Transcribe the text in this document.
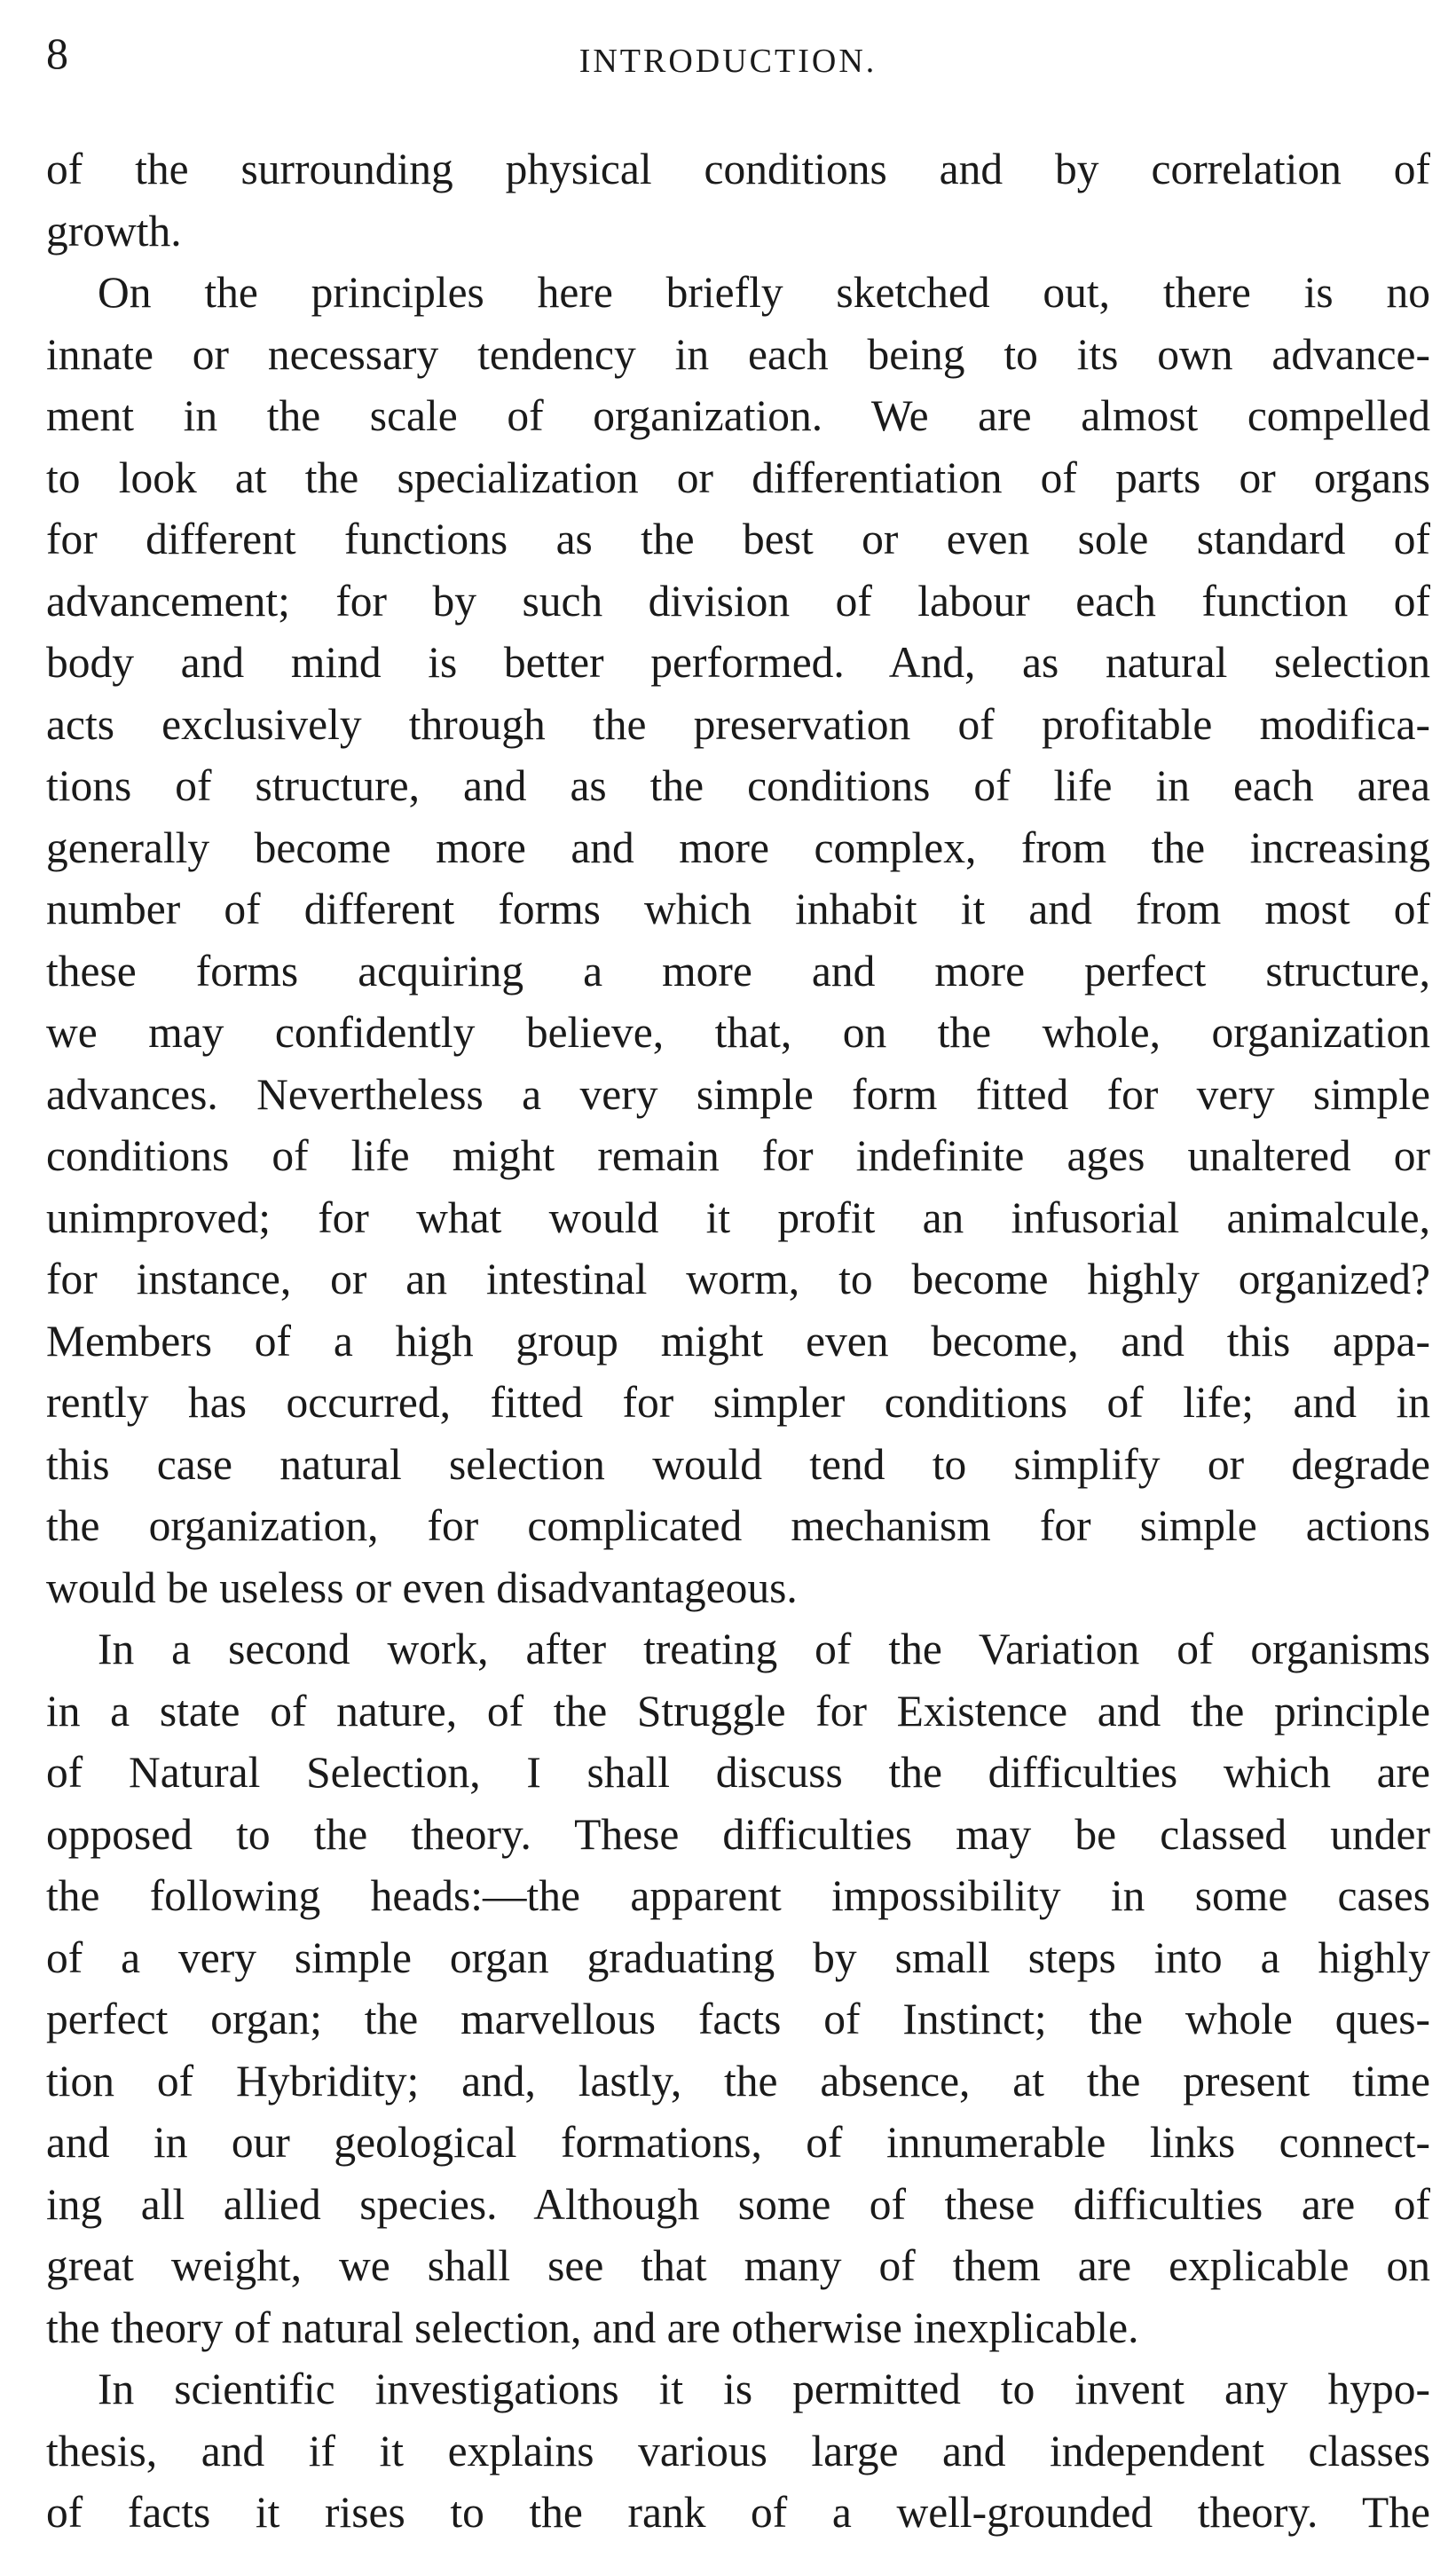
8	INTRODUCTION.
of the surrounding physical conditions and by correlation of
growth.
On the principles here briefly sketched out, there is no
innate or necessary tendency in each being to its own advance-
ment in the scale of organization. We are almost compelled
to look at the specialization or differentiation of parts or organs
for different functions as the best or even sole standard of
advancement; for by such division of labour each function of
body and mind is better performed. And, as natural selection
acts exclusively through the preservation of profitable modifica-
tions of structure, and as the conditions of life in each area
generally become more and more complex, from the increasing
number of different forms which inhabit it and from most of
these forms acquiring a more and more perfect structure,
we may confidently believe, that, on the whole, organization
advances. Nevertheless a very simple form fitted for very simple
conditions of life might remain for indefinite ages unaltered or
unimproved; for what would it profit an infusorial animalcule,
for instance, or an intestinal worm, to become highly organized?
Members of a high group might even become, and this appa-
rently has occurred, fitted for simpler conditions of life; and in
this case natural selection would tend to simplify or degrade
the organization, for complicated mechanism for simple actions
would be useless or even disadvantageous.
In a second work, after treating of the Variation of organisms
in a state of nature, of the Struggle for Existence and the principle
of Natural Selection, I shall discuss the difficulties which are
opposed to the theory. These difficulties may be classed under
the following heads:—the apparent impossibility in some cases
of a very simple organ graduating by small steps into a highly
perfect organ; the marvellous facts of Instinct; the whole ques-
tion of Hybridity; and, lastly, the absence, at the present time
and in our geological formations, of innumerable links connect-
ing all allied species. Although some of these difficulties are of
great weight, we shall see that many of them are explicable on
the theory of natural selection, and are otherwise inexplicable.
In scientific investigations it is permitted to invent any hypo-
thesis, and if it explains various large and independent classes
of facts it rises to the rank of a well-grounded theory. The
